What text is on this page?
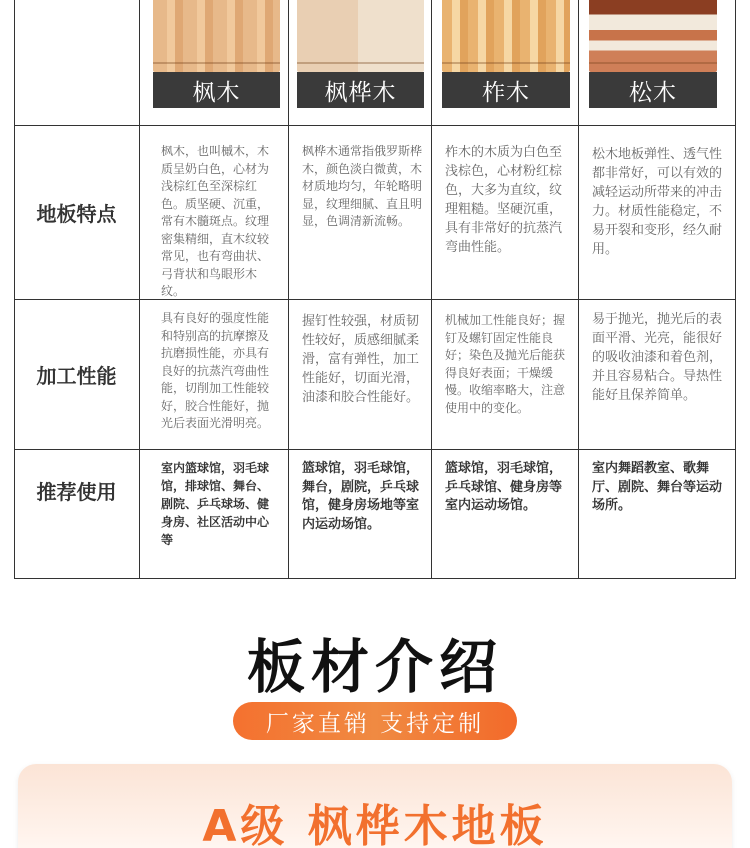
枫木	枫桦木	柞木	松木
地板特点
枫木，也叫槭木，木质呈奶白色，心材为浅棕红色至深棕红色。质坚硬、沉重，常有木髓斑点。纹理密集精细，直木纹较常见，也有弯曲状、弓背状和鸟眼形木纹。
枫桦木通常指俄罗斯桦木，颜色淡白微黄，木材质地均匀，年轮略明显，纹理细腻、直且明显，色调清新流畅。
柞木的木质为白色至浅棕色，心材粉红棕色，大多为直纹，纹理粗糙。坚硬沉重，具有非常好的抗蒸汽弯曲性能。
松木地板弹性、透气性都非常好，可以有效的减轻运动所带来的冲击力。材质性能稳定，不易开裂和变形，经久耐用。
加工性能
具有良好的强度性能和特别高的抗摩擦及抗磨损性能，亦具有良好的抗蒸汽弯曲性能，切削加工性能较好，胶合性能好，抛光后表面光滑明亮。
握钉性较强，材质韧性较好，质感细腻柔滑，富有弹性，加工性能好，切面光滑，油漆和胶合性能好。
机械加工性能良好；握钉及螺钉固定性能良好；染色及抛光后能获得良好表面；干燥缓慢。收缩率略大，注意使用中的变化。
易于抛光，抛光后的表面平滑、光亮，能很好的吸收油漆和着色剂，并且容易粘合。导热性能好且保养简单。
推荐使用
室内篮球馆，羽毛球馆，排球馆、舞台、剧院、乒乓球场、健身房、社区活动中心等
篮球馆，羽毛球馆，舞台，剧院，乒乓球馆，健身房场地等室内运动场馆。
篮球馆，羽毛球馆，乒乓球馆、健身房等室内运动场馆。
室内舞蹈教室、歌舞厅、剧院、舞台等运动场所。
板材介绍
厂家直销 支持定制
A级 枫桦木地板
